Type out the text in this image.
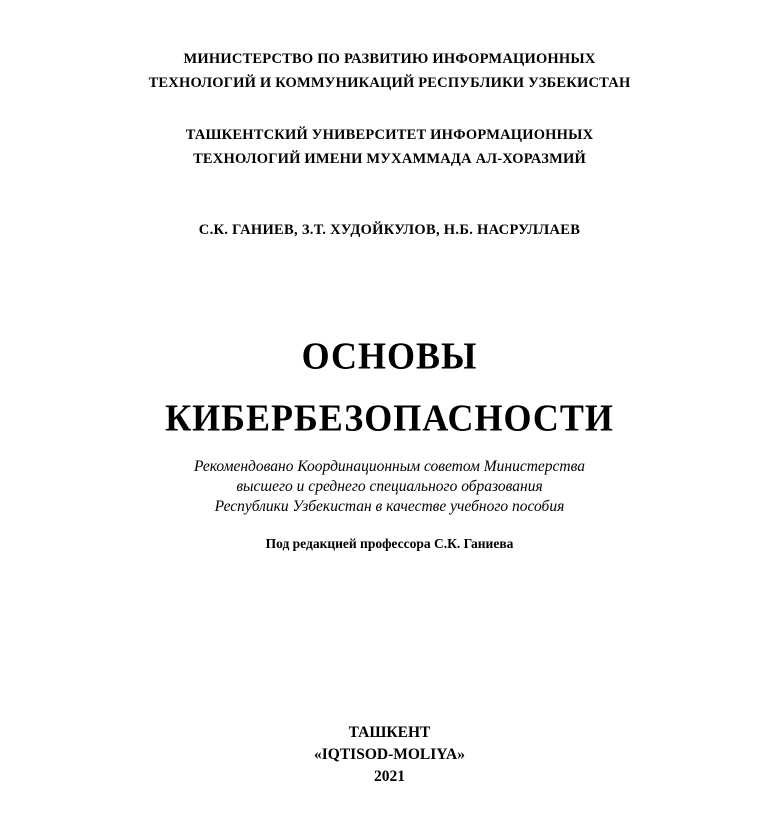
МИНИСТЕРСТВО ПО РАЗВИТИЮ ИНФОРМАЦИОННЫХ
ТЕХНОЛОГИЙ И КОММУНИКАЦИЙ РЕСПУБЛИКИ УЗБЕКИСТАН
ТАШКЕНТСКИЙ УНИВЕРСИТЕТ ИНФОРМАЦИОННЫХ
ТЕХНОЛОГИЙ ИМЕНИ МУХАММАДА АЛ-ХОРАЗМИЙ
С.К. ГАНИЕВ, З.Т. ХУДОЙКУЛОВ, Н.Б. НАСРУЛЛАЕВ
ОСНОВЫ
КИБЕРБЕЗОПАСНОСТИ
Рекомендовано Координационным советом Министерства
высшего и среднего специального образования
Республики Узбекистан в качестве учебного пособия
Под редакцией профессора С.К. Ганиева
ТАШКЕНТ
«IQTISOD-MOLIYA»
2021
